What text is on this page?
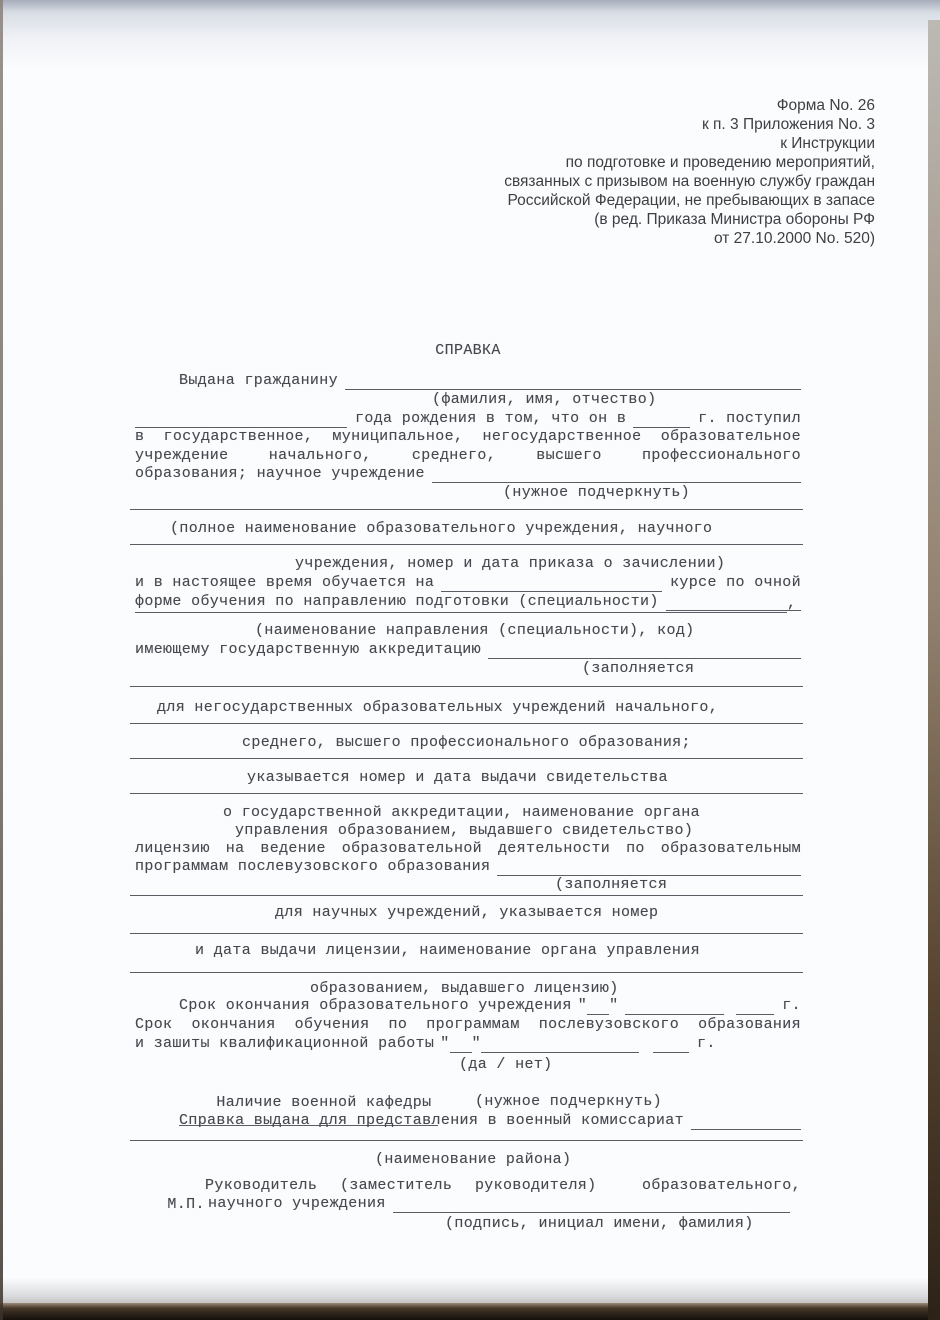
Форма No. 26
к п. 3 Приложения No. 3
к Инструкции
по подготовке и проведению мероприятий,
связанных с призывом на военную службу граждан
Российской Федерации, не пребывающих в запасе
(в ред. Приказа Министра обороны РФ
от 27.10.2000 No. 520)
СПРАВКА
Выдана гражданину
(фамилия, имя, отчество)
года рождения в том, что он в	г. поступил
в государственное, муниципальное, негосударственное образовательное
учреждение начального, среднего, высшего профессионального
образования; научное учреждение
(нужное подчеркнуть)
(полное наименование образовательного учреждения, научного
учреждения, номер и дата приказа о зачислении)
и в настоящее время обучается на	курсе по очной
форме обучения по направлению подготовки (специальности)	,
(наименование направления (специальности), код)
имеющему государственную аккредитацию
(заполняется
для негосударственных образовательных учреждений начального,
среднего, высшего профессионального образования;
указывается номер и дата выдачи свидетельства
о государственной аккредитации, наименование органа
управления образованием, выдавшего свидетельство)
лицензию на ведение образовательной деятельности по образовательным
программам послевузовского образования
(заполняется
для научных учреждений, указывается номер
и дата выдачи лицензии, наименование органа управления
образованием, выдавшего лицензию)
Срок окончания образовательного учреждения " "	г.
Срок окончания обучения по программам послевузовского образования
и зашиты квалификационной работы " "	г.
(да / нет)

Наличие военной кафедры

	(нужное подчеркнуть)
Справка выдана для представления в военный комиссариат
(наименование района)

М.П.

Руководитель (заместитель руководителя)  образовательного,

научного учреждения
(подпись, инициал имени, фамилия)
